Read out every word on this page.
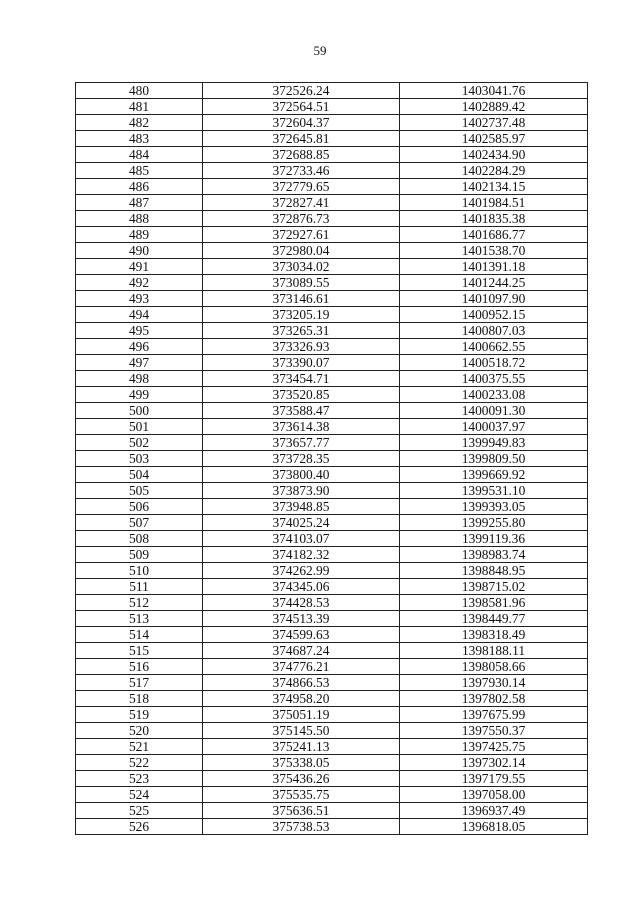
59
480	372526.24	1403041.76
481	372564.51	1402889.42
482	372604.37	1402737.48
483	372645.81	1402585.97
484	372688.85	1402434.90
485	372733.46	1402284.29
486	372779.65	1402134.15
487	372827.41	1401984.51
488	372876.73	1401835.38
489	372927.61	1401686.77
490	372980.04	1401538.70
491	373034.02	1401391.18
492	373089.55	1401244.25
493	373146.61	1401097.90
494	373205.19	1400952.15
495	373265.31	1400807.03
496	373326.93	1400662.55
497	373390.07	1400518.72
498	373454.71	1400375.55
499	373520.85	1400233.08
500	373588.47	1400091.30
501	373614.38	1400037.97
502	373657.77	1399949.83
503	373728.35	1399809.50
504	373800.40	1399669.92
505	373873.90	1399531.10
506	373948.85	1399393.05
507	374025.24	1399255.80
508	374103.07	1399119.36
509	374182.32	1398983.74
510	374262.99	1398848.95
511	374345.06	1398715.02
512	374428.53	1398581.96
513	374513.39	1398449.77
514	374599.63	1398318.49
515	374687.24	1398188.11
516	374776.21	1398058.66
517	374866.53	1397930.14
518	374958.20	1397802.58
519	375051.19	1397675.99
520	375145.50	1397550.37
521	375241.13	1397425.75
522	375338.05	1397302.14
523	375436.26	1397179.55
524	375535.75	1397058.00
525	375636.51	1396937.49
526	375738.53	1396818.05
